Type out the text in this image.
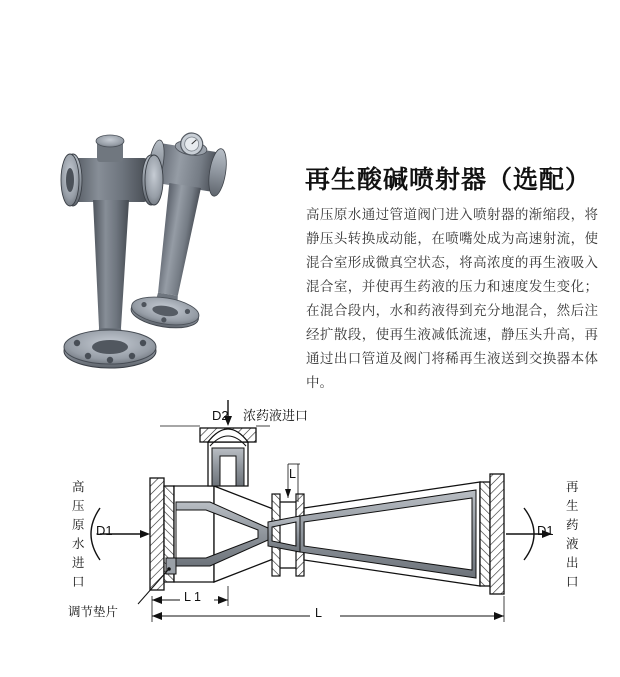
再生酸碱喷射器（选配）
高压原水通过管道阀门进入喷射器的渐缩段，将静压头转换成动能，在喷嘴处成为高速射流，使混合室形成微真空状态，将高浓度的再生液吸入混合室，并使再生药液的压力和速度发生变化；在混合段内，水和药液得到充分地混合，然后注经扩散段，使再生液减低流速，静压头升高，再通过出口管道及阀门将稀再生液送到交换器本体中。
D2 浓药液进口
高压原水进口
D1
再生药液出口
D1
调节垫片
L 1
L
L
